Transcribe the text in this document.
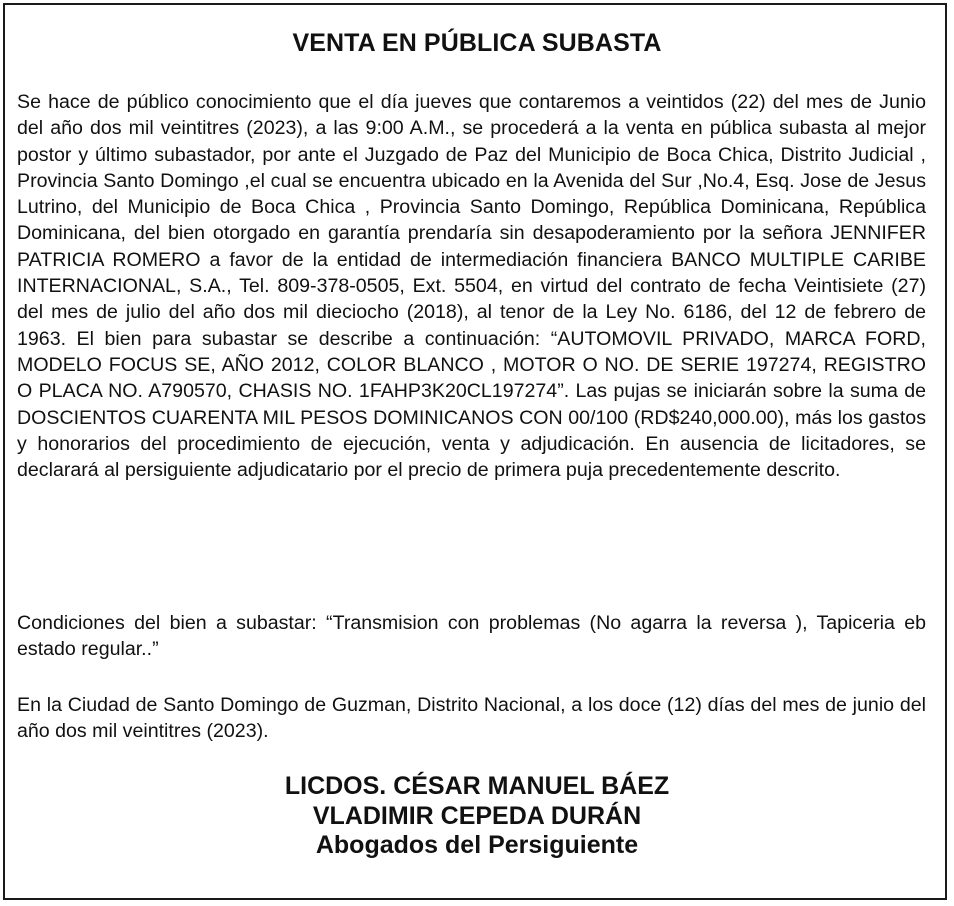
VENTA EN PÚBLICA SUBASTA

Se hace de público conocimiento que el día jueves que contaremos a veintidos (22) del mes de Junio del año dos mil veintitres (2023), a las 9:00 A.M., se procederá a la venta en pública subasta al mejor postor y último subastador, por ante el Juzgado de Paz del Municipio de Boca Chica, Distrito Judicial , Provincia Santo Domingo ,el cual se encuentra ubicado en la Avenida del Sur ,No.4, Esq. Jose de Jesus Lutrino, del Municipio de Boca Chica , Provincia Santo Domingo, República Dominicana, República Dominicana, del bien otorgado en garantía prendaría sin desapoderamiento por la señora JENNIFER PATRICIA ROMERO a favor de la entidad de intermediación financiera BANCO MULTIPLE CARIBE INTERNACIONAL, S.A., Tel. 809-378-0505, Ext. 5504, en virtud del contrato de fecha Veintisiete (27) del mes de julio del año dos mil dieciocho (2018), al tenor de la Ley No. 6186, del 12 de febrero de 1963. El bien para subastar se describe a continuación: “AUTOMOVIL PRIVADO, MARCA FORD, MODELO FOCUS SE, AÑO 2012, COLOR BLANCO , MOTOR O NO. DE SERIE 197274, REGISTRO O PLACA NO. A790570, CHASIS NO. 1FAHP3K20CL197274”. Las pujas se iniciarán sobre la suma de DOSCIENTOS CUARENTA MIL PESOS DOMINICANOS CON 00/100 (RD$240,000.00), más los gastos y honorarios del procedimiento de ejecución, venta y adjudicación. En ausencia de licitadores, se declarará al persiguiente adjudicatario por el precio de primera puja precedentemente descrito.

Condiciones del bien a subastar: “Transmision con problemas (No agarra la reversa ), Tapiceria eb estado regular..”

En la Ciudad de Santo Domingo de Guzman, Distrito Nacional, a los doce (12) días del mes de junio del año dos mil veintitres (2023).

LICDOS. CÉSAR MANUEL BÁEZ
VLADIMIR CEPEDA DURÁN
Abogados del Persiguiente
